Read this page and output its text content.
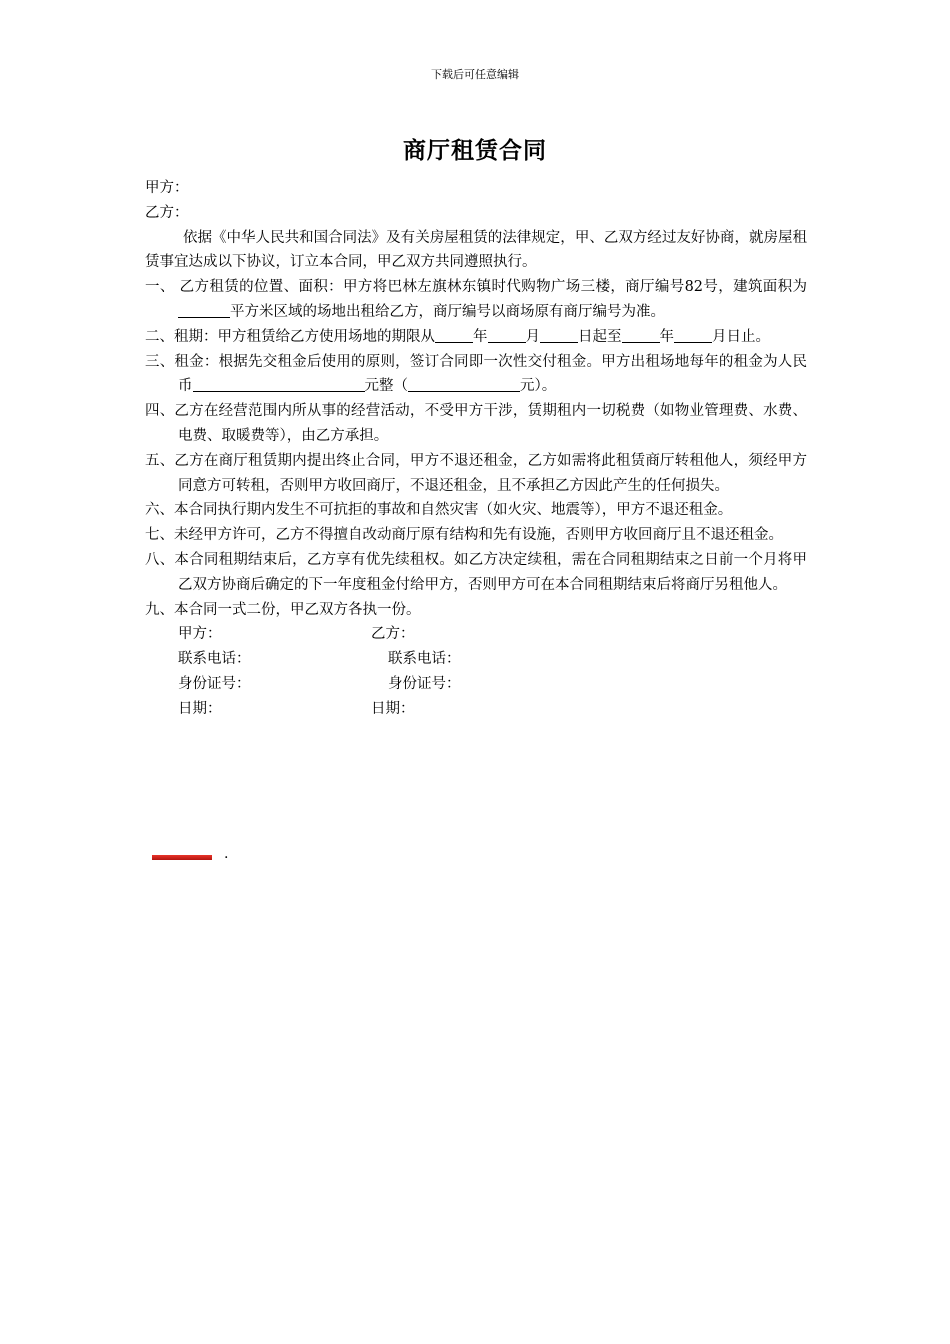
下载后可任意编辑
商厅租赁合同
甲方：
乙方：
依据《中华人民共和国合同法》及有关房屋租赁的法律规定，甲、乙双方经过友好协商，就房屋租赁事宜达成以下协议，订立本合同，甲乙双方共同遵照执行。
一、 乙方租赁的位置、面积：甲方将巴林左旗林东镇时代购物广场三楼，商厅编号82号，建筑面积为平方米区域的场地出租给乙方，商厅编号以商场原有商厅编号为准。
二、租期：甲方租赁给乙方使用场地的期限从	年	月	日起至	年	月日止。
三、租金：根据先交租金后使用的原则，签订合同即一次性交付租金。甲方出租场地每年的租金为人民币	元整（	元）。
四、乙方在经营范围内所从事的经营活动，不受甲方干涉，赁期租内一切税费（如物业管理费、水费、电费、取暖费等），由乙方承担。
五、乙方在商厅租赁期内提出终止合同，甲方不退还租金，乙方如需将此租赁商厅转租他人，须经甲方同意方可转租，否则甲方收回商厅，不退还租金，且不承担乙方因此产生的任何损失。
六、本合同执行期内发生不可抗拒的事故和自然灾害（如火灾、地震等），甲方不退还租金。
七、未经甲方许可，乙方不得擅自改动商厅原有结构和先有设施，否则甲方收回商厅且不退还租金。
八、本合同租期结束后，乙方享有优先续租权。如乙方决定续租，需在合同租期结束之日前一个月将甲乙双方协商后确定的下一年度租金付给甲方，否则甲方可在本合同租期结束后将商厅另租他人。
九、本合同一式二份，甲乙双方各执一份。
甲方：	乙方：
联系电话：	联系电话：
身份证号：	身份证号：
日期：	日期：
.
